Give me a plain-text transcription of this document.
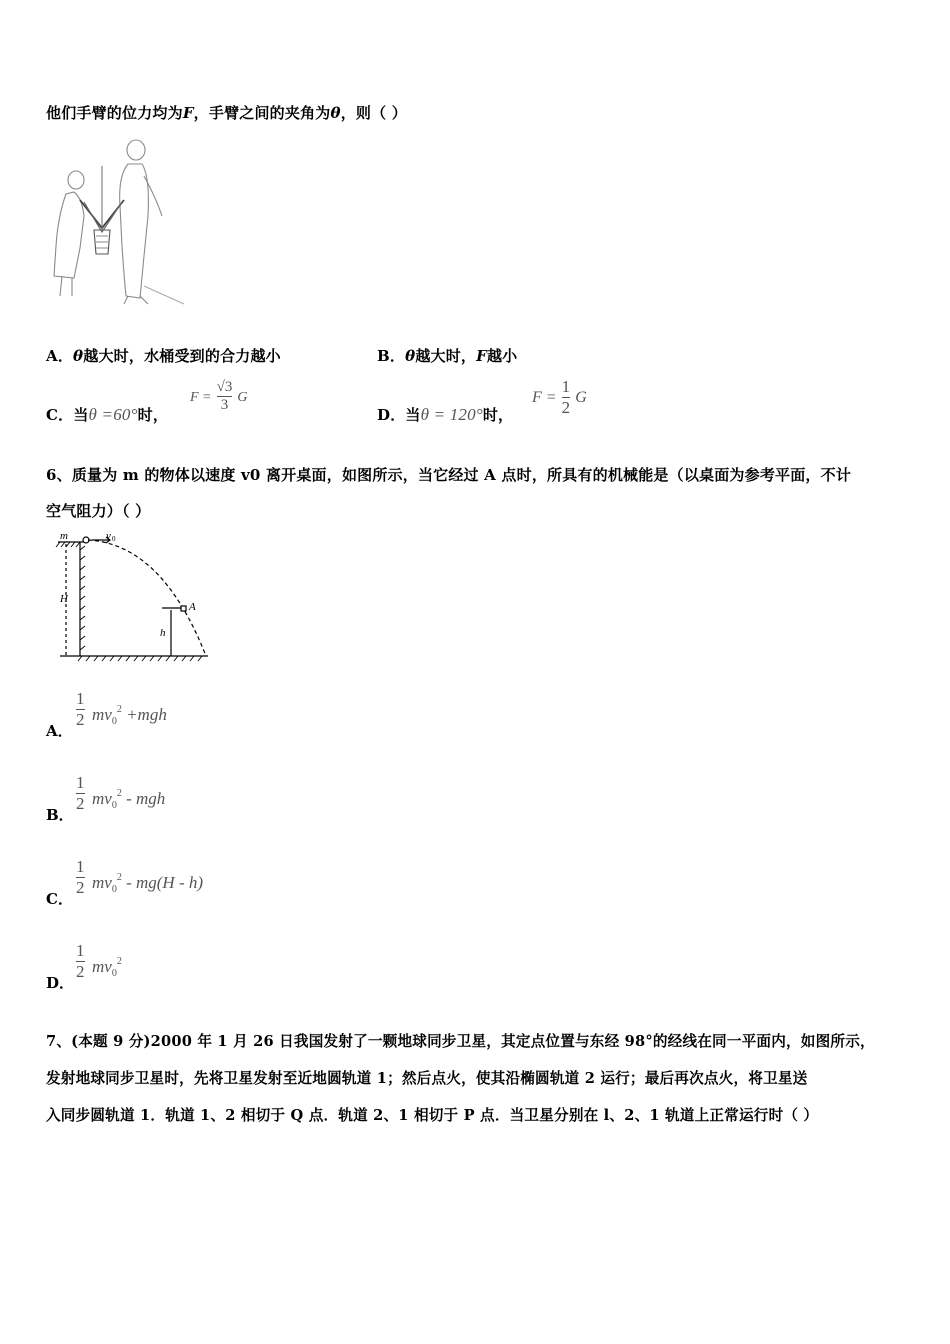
他们手臂的位力均为F，手臂之间的夹角为θ，则（ ）
A．θ越大时，水桶受到的合力越小	B．θ越大时，F越小
C．当θ =60°时，
$F = \frac{√3}{3}$ G
D．当θ = 120°时，
$F = \frac{1}{2}$ G
6、质量为 m 的物体以速度 v0 离开桌面，如图所示，当它经过 A 点时，所具有的机械能是（以桌面为参考平面，不计
空气阻力）（ ）
m	v 0
H
A
h
A．
1
2 $mv_0^2 +mgh$
B．
1
2 $mv_0^2$ - mgh
C．
1
2 $mv_0^2 - mg(H - h)$
D．
1
2 $mv_0^2$
7、(本题 9 分)2000 年 1 月 26 日我国发射了一颗地球同步卫星，其定点位置与东经 98°的经线在同一平面内，如图所示，
发射地球同步卫星时，先将卫星发射至近地圆轨道 1；然后点火，使其沿椭圆轨道 2 运行；最后再次点火，将卫星送
入同步圆轨道 1．轨道 1、2 相切于 Q 点．轨道 2、1 相切于 P 点．当卫星分别在 l、2、1 轨道上正常运行时（ ）
